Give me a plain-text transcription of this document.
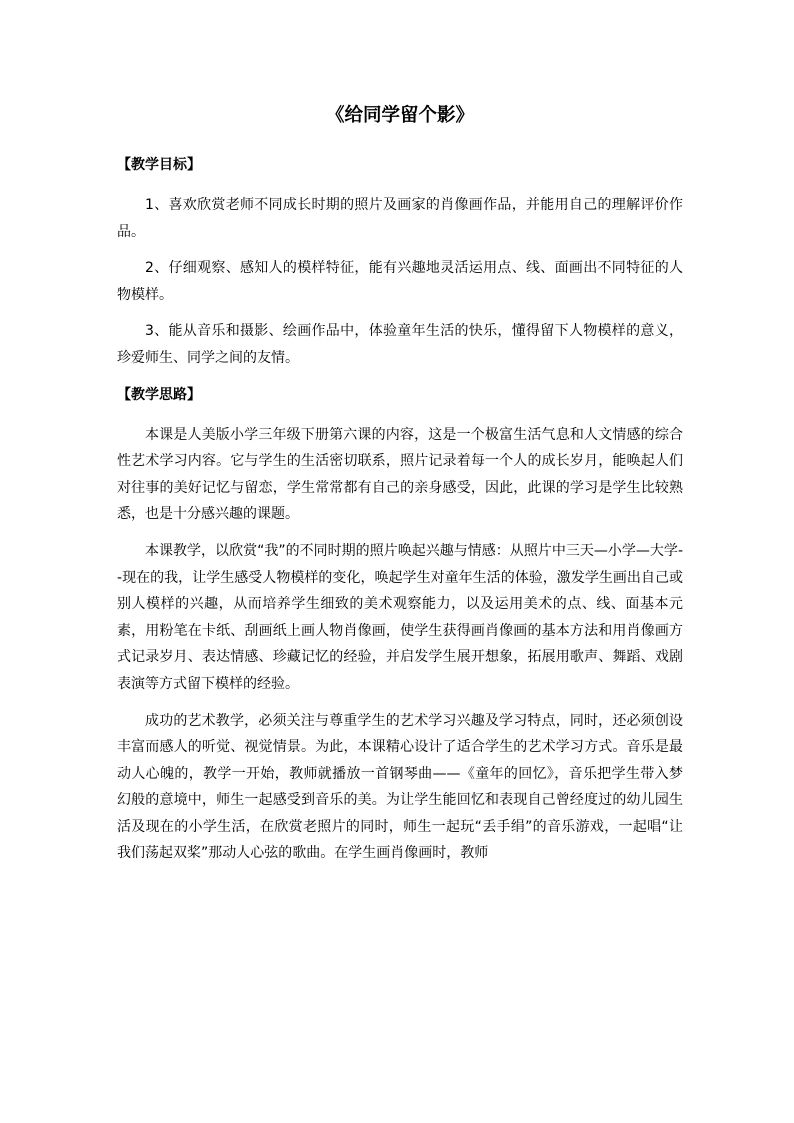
《给同学留个影》
【教学目标】

1、喜欢欣赏老师不同成长时期的照片及画家的肖像画作品，并能用自己的理解评价作品。

2、仔细观察、感知人的模样特征，能有兴趣地灵活运用点、线、面画出不同特征的人物模样。

3、能从音乐和摄影、绘画作品中，体验童年生活的快乐，懂得留下人物模样的意义，珍爱师生、同学之间的友情。

【教学思路】

本课是人美版小学三年级下册第六课的内容，这是一个极富生活气息和人文情感的综合性艺术学习内容。它与学生的生活密切联系，照片记录着每一个人的成长岁月，能唤起人们对往事的美好记忆与留恋，学生常常都有自己的亲身感受，因此，此课的学习是学生比较熟悉，也是十分感兴趣的课题。

本课教学，以欣赏“我”的不同时期的照片唤起兴趣与情感：从照片中三天—小学—大学--现在的我，让学生感受人物模样的变化，唤起学生对童年生活的体验，激发学生画出自己或别人模样的兴趣，从而培养学生细致的美术观察能力，以及运用美术的点、线、面基本元素，用粉笔在卡纸、刮画纸上画人物肖像画，使学生获得画肖像画的基本方法和用肖像画方式记录岁月、表达情感、珍藏记忆的经验，并启发学生展开想象，拓展用歌声、舞蹈、戏剧表演等方式留下模样的经验。

成功的艺术教学，必须关注与尊重学生的艺术学习兴趣及学习特点，同时，还必须创设丰富而感人的听觉、视觉情景。为此，本课精心设计了适合学生的艺术学习方式。音乐是最动人心魄的，教学一开始，教师就播放一首钢琴曲——《童年的回忆》，音乐把学生带入梦幻般的意境中，师生一起感受到音乐的美。为让学生能回忆和表现自己曾经度过的幼儿园生活及现在的小学生活，在欣赏老照片的同时，师生一起玩“丢手绢”的音乐游戏，一起唱“让我们荡起双桨”那动人心弦的歌曲。在学生画肖像画时，教师
